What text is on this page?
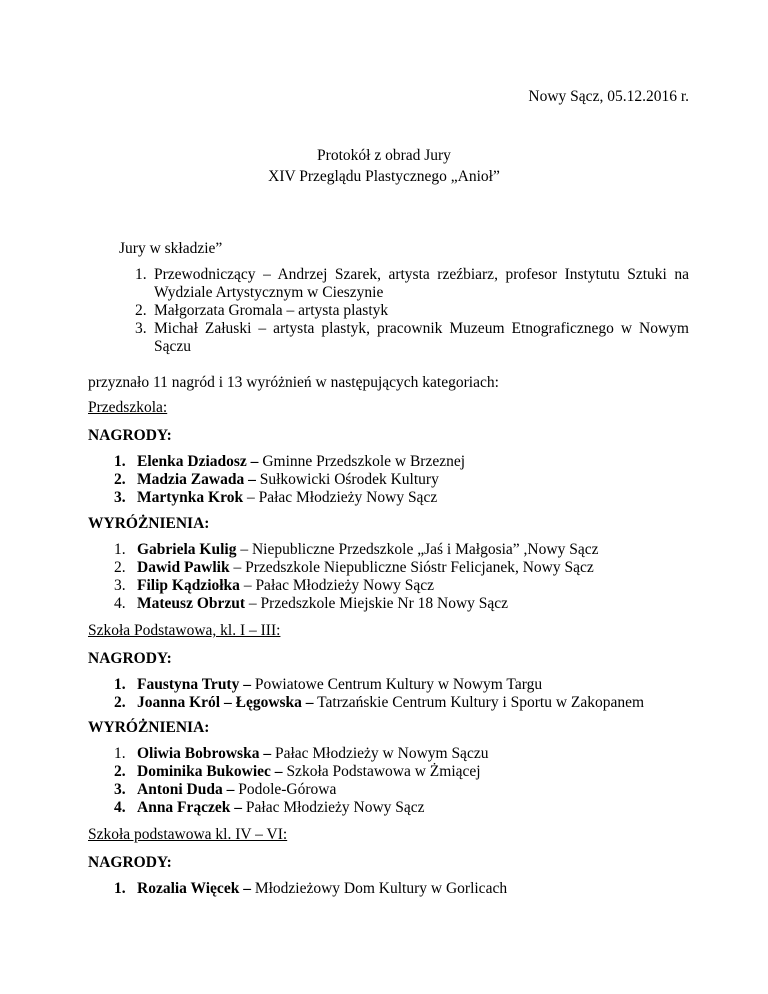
Nowy Sącz, 05.12.2016 r.
Protokół z obrad Jury
XIV Przeglądu Plastycznego „Anioł”
Jury w składzie”
1. Przewodniczący – Andrzej Szarek, artysta rzeźbiarz, profesor Instytutu Sztuki na Wydziale Artystycznym w Cieszynie
2. Małgorzata Gromala – artysta plastyk
3. Michał Załuski – artysta plastyk, pracownik Muzeum Etnograficznego w Nowym Sączu
przyznało 11 nagród i 13 wyróżnień w następujących kategoriach:
Przedszkola:
NAGRODY:
1. Elenka Dziadosz – Gminne Przedszkole w Brzeznej
2. Madzia Zawada – Sułkowicki Ośrodek Kultury
3. Martynka Krok – Pałac Młodzieży Nowy Sącz
WYRÓŻNIENIA:
1. Gabriela Kulig – Niepubliczne Przedszkole „Jaś i Małgosia” ,Nowy Sącz
2. Dawid Pawlik – Przedszkole Niepubliczne Sióstr Felicjanek, Nowy Sącz
3. Filip Kądziołka – Pałac Młodzieży Nowy Sącz
4. Mateusz Obrzut – Przedszkole Miejskie Nr 18 Nowy Sącz
Szkoła Podstawowa, kl. I – III:
NAGRODY:
1. Faustyna Truty – Powiatowe Centrum Kultury w Nowym Targu
2. Joanna Król – Łęgowska – Tatrzańskie Centrum Kultury i Sportu w Zakopanem
WYRÓŻNIENIA:
1. Oliwia Bobrowska – Pałac Młodzieży w Nowym Sączu
2. Dominika Bukowiec – Szkoła Podstawowa w Żmiącej
3. Antoni Duda – Podole-Górowa
4. Anna Frączek – Pałac Młodzieży Nowy Sącz
Szkoła podstawowa kl. IV – VI:
NAGRODY:
1. Rozalia Więcek – Młodzieżowy Dom Kultury w Gorlicach
